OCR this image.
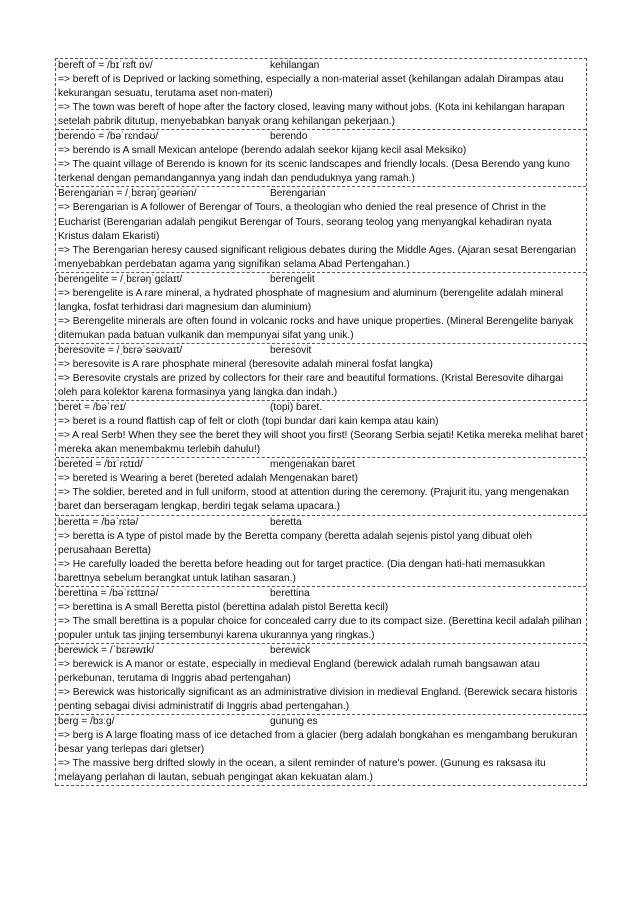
bereft of = /bɪˈrɛft ɒv/	kehilangan

=> bereft of is Deprived or lacking something, especially a non-material asset (kehilangan adalah Dirampas atau kekurangan sesuatu, terutama aset non-materi)

=> The town was bereft of hope after the factory closed, leaving many without jobs. (Kota ini kehilangan harapan setelah pabrik ditutup, menyebabkan banyak orang kehilangan pekerjaan.)

berendo = /bəˈrɛndəʊ/	berendo

=> berendo is A small Mexican antelope (berendo adalah seekor kijang kecil asal Meksiko)

=> The quaint village of Berendo is known for its scenic landscapes and friendly locals. (Desa Berendo yang kuno terkenal dengan pemandangannya yang indah dan penduduknya yang ramah.)

Berengarian = /ˌbɛrəŋˈɡeəriən/	Berengarian

=> Berengarian is A follower of Berengar of Tours, a theologian who denied the real presence of Christ in the Eucharist (Berengarian adalah pengikut Berengar of Tours, seorang teolog yang menyangkal kehadiran nyata Kristus dalam Ekaristi)

=> The Berengarian heresy caused significant religious debates during the Middle Ages. (Ajaran sesat Berengarian menyebabkan perdebatan agama yang signifikan selama Abad Pertengahan.)

berengelite = /ˌbɛrəŋˈɡɛlaɪt/	berengelit

=> berengelite is A rare mineral, a hydrated phosphate of magnesium and aluminum (berengelite adalah mineral langka, fosfat terhidrasi dari magnesium dan aluminium)

=> Berengelite minerals are often found in volcanic rocks and have unique properties. (Mineral Berengelite banyak ditemukan pada batuan vulkanik dan mempunyai sifat yang unik.)

beresovite = /ˌbɛrəˈsəʊvaɪt/	beresovit

=> beresovite is A rare phosphate mineral (beresovite adalah mineral fosfat langka)

=> Beresovite crystals are prized by collectors for their rare and beautiful formations. (Kristal Beresovite dihargai oleh para kolektor karena formasinya yang langka dan indah.)

beret = /bəˈreɪ/	(topi) baret.

=> beret is a round flattish cap of felt or cloth (topi bundar dari kain kempa atau kain)

=> A real Serb! When they see the beret they will shoot you first! (Seorang Serbia sejati! Ketika mereka melihat baret mereka akan menembakmu terlebih dahulu!)

bereted = /bɪˈrɛtɪd/	mengenakan baret

=> bereted is Wearing a beret (bereted adalah Mengenakan baret)

=> The soldier, bereted and in full uniform, stood at attention during the ceremony. (Prajurit itu, yang mengenakan baret dan berseragam lengkap, berdiri tegak selama upacara.)

beretta = /bəˈrɛtə/	beretta

=> beretta is A type of pistol made by the Beretta company (beretta adalah sejenis pistol yang dibuat oleh perusahaan Beretta)

=> He carefully loaded the beretta before heading out for target practice. (Dia dengan hati-hati memasukkan barettnya sebelum berangkat untuk latihan sasaran.)

berettina = /bəˈrɛttɪnə/	berettina

=> berettina is A small Beretta pistol (berettina adalah pistol Beretta kecil)

=> The small berettina is a popular choice for concealed carry due to its compact size. (Berettina kecil adalah pilihan populer untuk tas jinjing tersembunyi karena ukurannya yang ringkas.)

berewick = /ˈbɛrəwɪk/	berewick

=> berewick is A manor or estate, especially in medieval England (berewick adalah rumah bangsawan atau perkebunan, terutama di Inggris abad pertengahan)

=> Berewick was historically significant as an administrative division in medieval England. (Berewick secara historis penting sebagai divisi administratif di Inggris abad pertengahan.)

berg = /bɜːɡ/	gunung es

=> berg is A large floating mass of ice detached from a glacier (berg adalah bongkahan es mengambang berukuran besar yang terlepas dari gletser)

=> The massive berg drifted slowly in the ocean, a silent reminder of nature's power. (Gunung es raksasa itu melayang perlahan di lautan, sebuah pengingat akan kekuatan alam.)
